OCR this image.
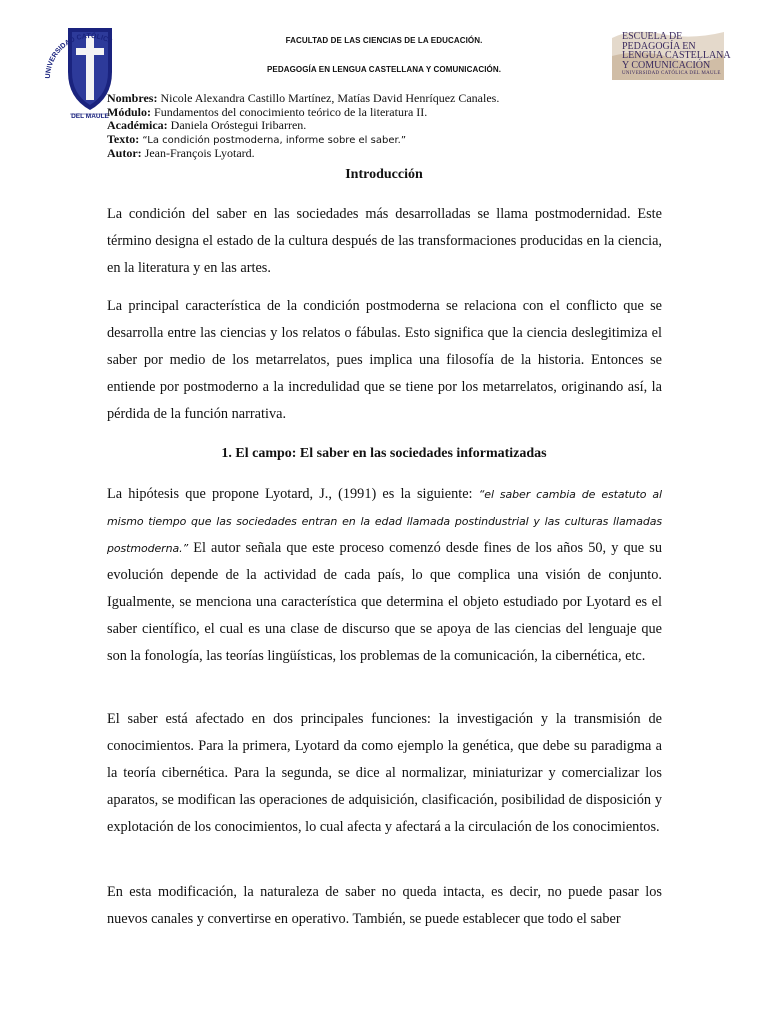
UNIVERSIDAD CATÓLICA
DEL MAULE
ESCUELA DE
PEDAGOGÍA EN
LENGUA CASTELLANA
Y COMUNICACIÓN
UNIVERSIDAD CATÓLICA DEL MAULE
FACULTAD DE LAS CIENCIAS DE LA EDUCACIÓN.
PEDAGOGÍA EN LENGUA CASTELLANA Y COMUNICACIÓN.
Nombres: Nicole Alexandra Castillo Martínez, Matías David Henríquez Canales.
Módulo: Fundamentos del conocimiento teórico de la literatura II.
Académica: Daniela Oróstegui Iribarren.
Texto: “La condición postmoderna, informe sobre el saber.”
Autor: Jean-François Lyotard.
Introducción

La condición del saber en las sociedades más desarrolladas se llama postmodernidad. Este término designa el estado de la cultura después de las transformaciones producidas en la ciencia, en la literatura y en las artes.

La principal característica de la condición postmoderna se relaciona con el conflicto que se desarrolla entre las ciencias y los relatos o fábulas. Esto significa que la ciencia deslegitimiza el saber por medio de los metarrelatos, pues implica una filosofía de la historia. Entonces se entiende por postmoderno a la incredulidad que se tiene por los metarrelatos, originando así, la pérdida de la función narrativa.

1. El campo: El saber en las sociedades informatizadas

La hipótesis que propone Lyotard, J., (1991) es la siguiente: “el saber cambia de estatuto al mismo tiempo que las sociedades entran en la edad llamada postindustrial y las culturas llamadas postmoderna.” El autor señala que este proceso comenzó desde fines de los años 50, y que su evolución depende de la actividad de cada país, lo que complica una visión de conjunto. Igualmente, se menciona una característica que determina el objeto estudiado por Lyotard es el saber científico, el cual es una clase de discurso que se apoya de las ciencias del lenguaje que son la fonología, las teorías lingüísticas, los problemas de la comunicación, la cibernética, etc.

El saber está afectado en dos principales funciones: la investigación y la transmisión de conocimientos. Para la primera, Lyotard da como ejemplo la genética, que debe su paradigma a la teoría cibernética. Para la segunda, se dice al normalizar, miniaturizar y comercializar los aparatos, se modifican las operaciones de adquisición, clasificación, posibilidad de disposición y explotación de los conocimientos, lo cual afecta y afectará a la circulación de los conocimientos.

En esta modificación, la naturaleza de saber no queda intacta, es decir, no puede pasar los nuevos canales y convertirse en operativo. También, se puede establecer que todo el saber
